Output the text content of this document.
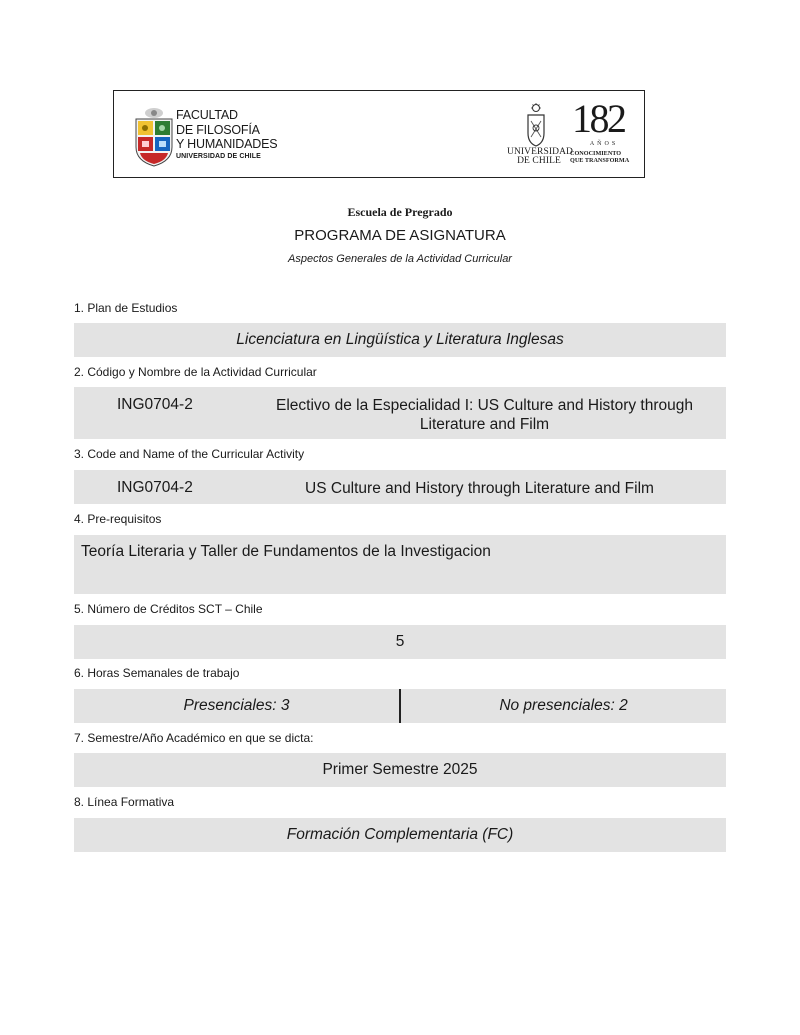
FACULTAD
DE FILOSOFÍA
Y HUMANIDADES
UNIVERSIDAD DE CHILE	UNIVERSIDAD
DE CHILE
182
AÑOS
CONOCIMIENTO
QUE TRANSFORMA
Escuela de Pregrado
PROGRAMA DE ASIGNATURA
Aspectos Generales de la Actividad Curricular
1. Plan de Estudios
Licenciatura en Lingüística y Literatura Inglesas
2. Código y Nombre de la Actividad Curricular
ING0704-2	Electivo de la Especialidad I: US Culture and History through
Literature and Film
3. Code and Name of the Curricular Activity
ING0704-2	US Culture and History through Literature and Film
4. Pre-requisitos
Teoría Literaria y Taller de Fundamentos de la Investigacion
5. Número de Créditos SCT – Chile
5
6. Horas Semanales de trabajo
Presenciales: 3	No presenciales: 2
7. Semestre/Año Académico en que se dicta:
Primer Semestre 2025
8. Línea Formativa
Formación Complementaria (FC)
